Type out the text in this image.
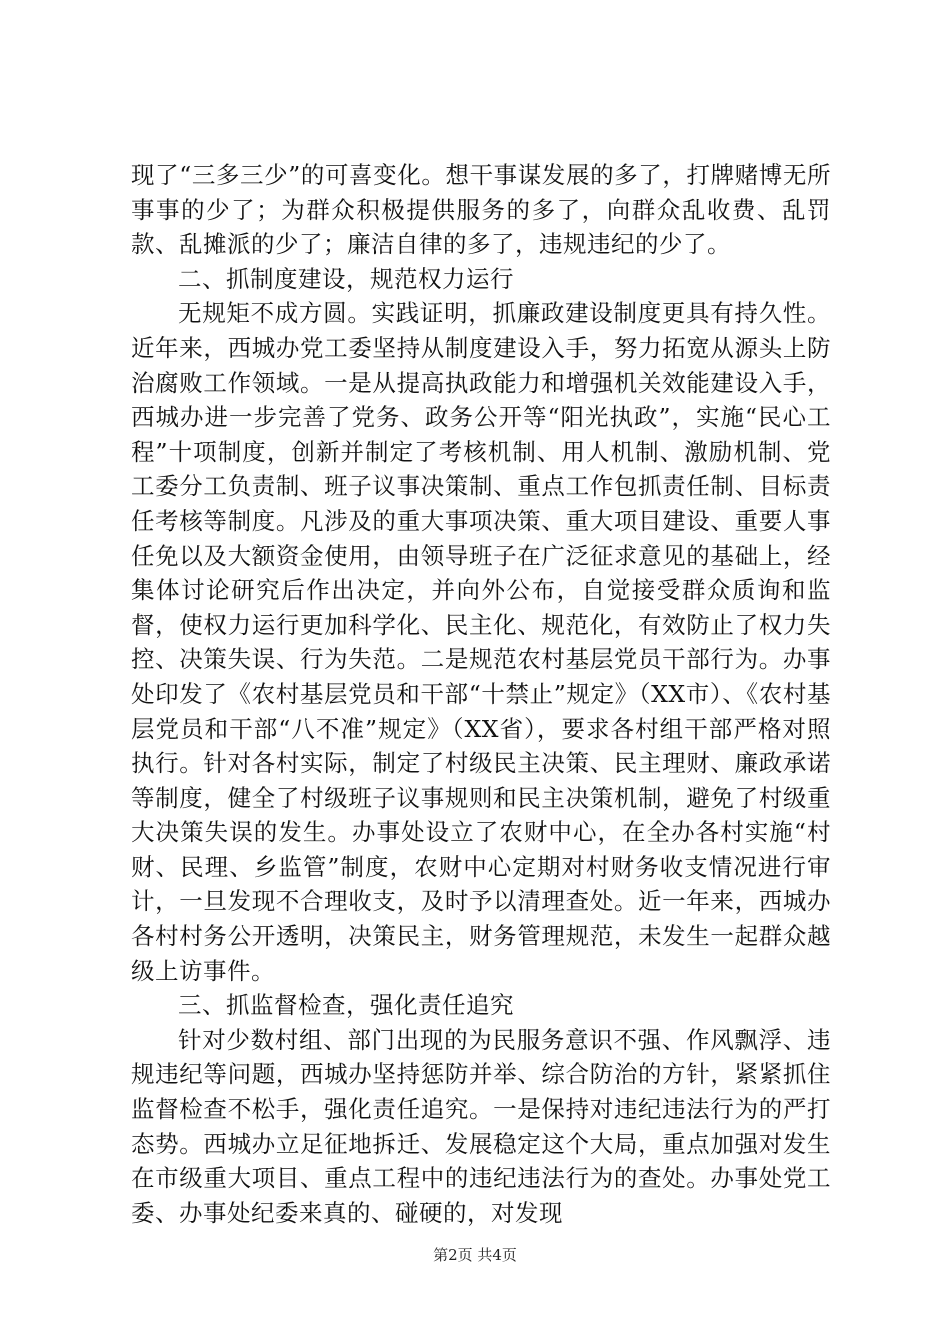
现了“三多三少”的可喜变化。想干事谋发展的多了，打牌赌博无所事事的少了；为群众积极提供服务的多了，向群众乱收费、乱罚款、乱摊派的少了；廉洁自律的多了，违规违纪的少了。

二、抓制度建设，规范权力运行

无规矩不成方圆。实践证明，抓廉政建设制度更具有持久性。近年来，西城办党工委坚持从制度建设入手，努力拓宽从源头上防治腐败工作领域。一是从提高执政能力和增强机关效能建设入手，西城办进一步完善了党务、政务公开等“阳光执政”，实施“民心工程”十项制度，创新并制定了考核机制、用人机制、激励机制、党工委分工负责制、班子议事决策制、重点工作包抓责任制、目标责任考核等制度。凡涉及的重大事项决策、重大项目建设、重要人事任免以及大额资金使用，由领导班子在广泛征求意见的基础上，经集体讨论研究后作出决定，并向外公布，自觉接受群众质询和监督，使权力运行更加科学化、民主化、规范化，有效防止了权力失控、决策失误、行为失范。二是规范农村基层党员干部行为。办事处印发了《农村基层党员和干部“十禁止”规定》（XX市）、《农村基层党员和干部“八不准”规定》（XX省），要求各村组干部严格对照执行。针对各村实际，制定了村级民主决策、民主理财、廉政承诺等制度，健全了村级班子议事规则和民主决策机制，避免了村级重大决策失误的发生。办事处设立了农财中心，在全办各村实施“村财、民理、乡监管”制度，农财中心定期对村财务收支情况进行审计，一旦发现不合理收支，及时予以清理查处。近一年来，西城办各村村务公开透明，决策民主，财务管理规范，未发生一起群众越级上访事件。

三、抓监督检查，强化责任追究

针对少数村组、部门出现的为民服务意识不强、作风飘浮、违规违纪等问题，西城办坚持惩防并举、综合防治的方针，紧紧抓住监督检查不松手，强化责任追究。一是保持对违纪违法行为的严打态势。西城办立足征地拆迁、发展稳定这个大局，重点加强对发生在市级重大项目、重点工程中的违纪违法行为的查处。办事处党工委、办事处纪委来真的、碰硬的，对发现

第2页 共4页
